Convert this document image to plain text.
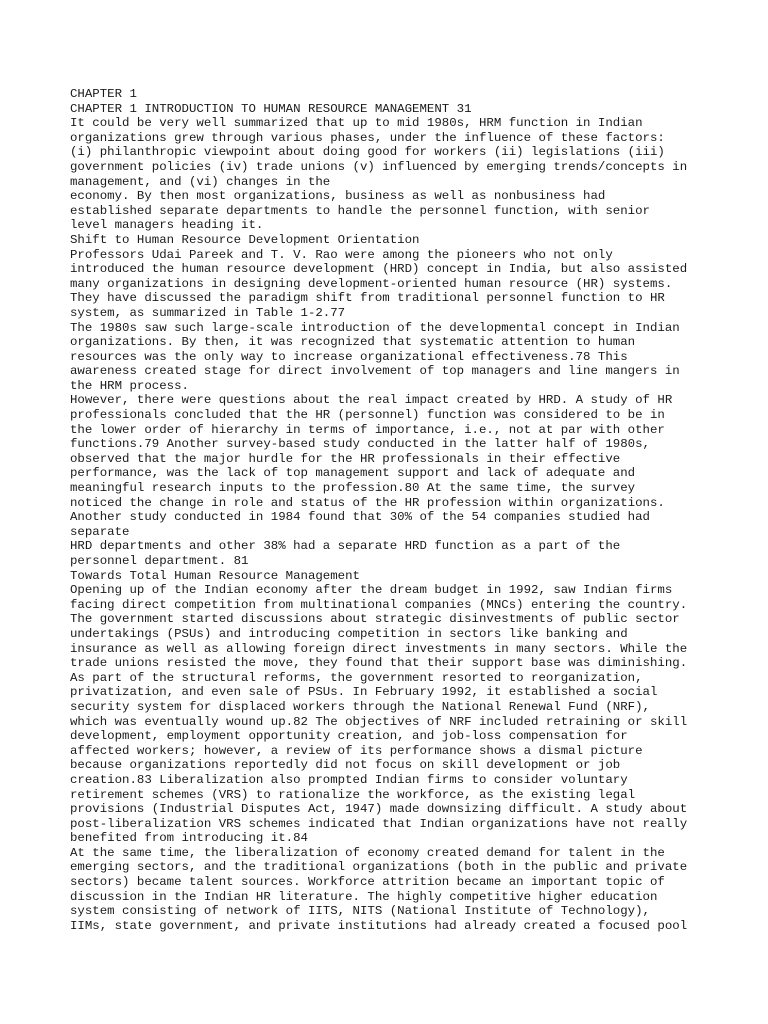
CHAPTER 1
CHAPTER 1 INTRODUCTION TO HUMAN RESOURCE MANAGEMENT 31
It could be very well summarized that up to mid 1980s, HRM function in Indian
organizations grew through various phases, under the influence of these factors:
(i) philanthropic viewpoint about doing good for workers (ii) legislations (iii)
government policies (iv) trade unions (v) influenced by emerging trends/concepts in
management, and (vi) changes in the
economy. By then most organizations, business as well as nonbusiness had
established separate departments to handle the personnel function, with senior
level managers heading it.
Shift to Human Resource Development Orientation
Professors Udai Pareek and T. V. Rao were among the pioneers who not only
introduced the human resource development (HRD) concept in India, but also assisted
many organizations in designing development-oriented human resource (HR) systems.
They have discussed the paradigm shift from traditional personnel function to HR
system, as summarized in Table 1-2.77
The 1980s saw such large-scale introduction of the developmental concept in Indian
organizations. By then, it was recognized that systematic attention to human
resources was the only way to increase organizational effectiveness.78 This
awareness created stage for direct involvement of top managers and line mangers in
the HRM process.
However, there were questions about the real impact created by HRD. A study of HR
professionals concluded that the HR (personnel) function was considered to be in
the lower order of hierarchy in terms of importance, i.e., not at par with other
functions.79 Another survey-based study conducted in the latter half of 1980s,
observed that the major hurdle for the HR professionals in their effective
performance, was the lack of top management support and lack of adequate and
meaningful research inputs to the profession.80 At the same time, the survey
noticed the change in role and status of the HR profession within organizations.
Another study conducted in 1984 found that 30% of the 54 companies studied had
separate
HRD departments and other 38% had a separate HRD function as a part of the
personnel department. 81
Towards Total Human Resource Management
Opening up of the Indian economy after the dream budget in 1992, saw Indian firms
facing direct competition from multinational companies (MNCs) entering the country.
The government started discussions about strategic disinvestments of public sector
undertakings (PSUs) and introducing competition in sectors like banking and
insurance as well as allowing foreign direct investments in many sectors. While the
trade unions resisted the move, they found that their support base was diminishing.
As part of the structural reforms, the government resorted to reorganization,
privatization, and even sale of PSUs. In February 1992, it established a social
security system for displaced workers through the National Renewal Fund (NRF),
which was eventually wound up.82 The objectives of NRF included retraining or skill
development, employment opportunity creation, and job-loss compensation for
affected workers; however, a review of its performance shows a dismal picture
because organizations reportedly did not focus on skill development or job
creation.83 Liberalization also prompted Indian firms to consider voluntary
retirement schemes (VRS) to rationalize the workforce, as the existing legal
provisions (Industrial Disputes Act, 1947) made downsizing difficult. A study about
post-liberalization VRS schemes indicated that Indian organizations have not really
benefited from introducing it.84
At the same time, the liberalization of economy created demand for talent in the
emerging sectors, and the traditional organizations (both in the public and private
sectors) became talent sources. Workforce attrition became an important topic of
discussion in the Indian HR literature. The highly competitive higher education
system consisting of network of IITS, NITS (National Institute of Technology),
IIMs, state government, and private institutions had already created a focused pool
